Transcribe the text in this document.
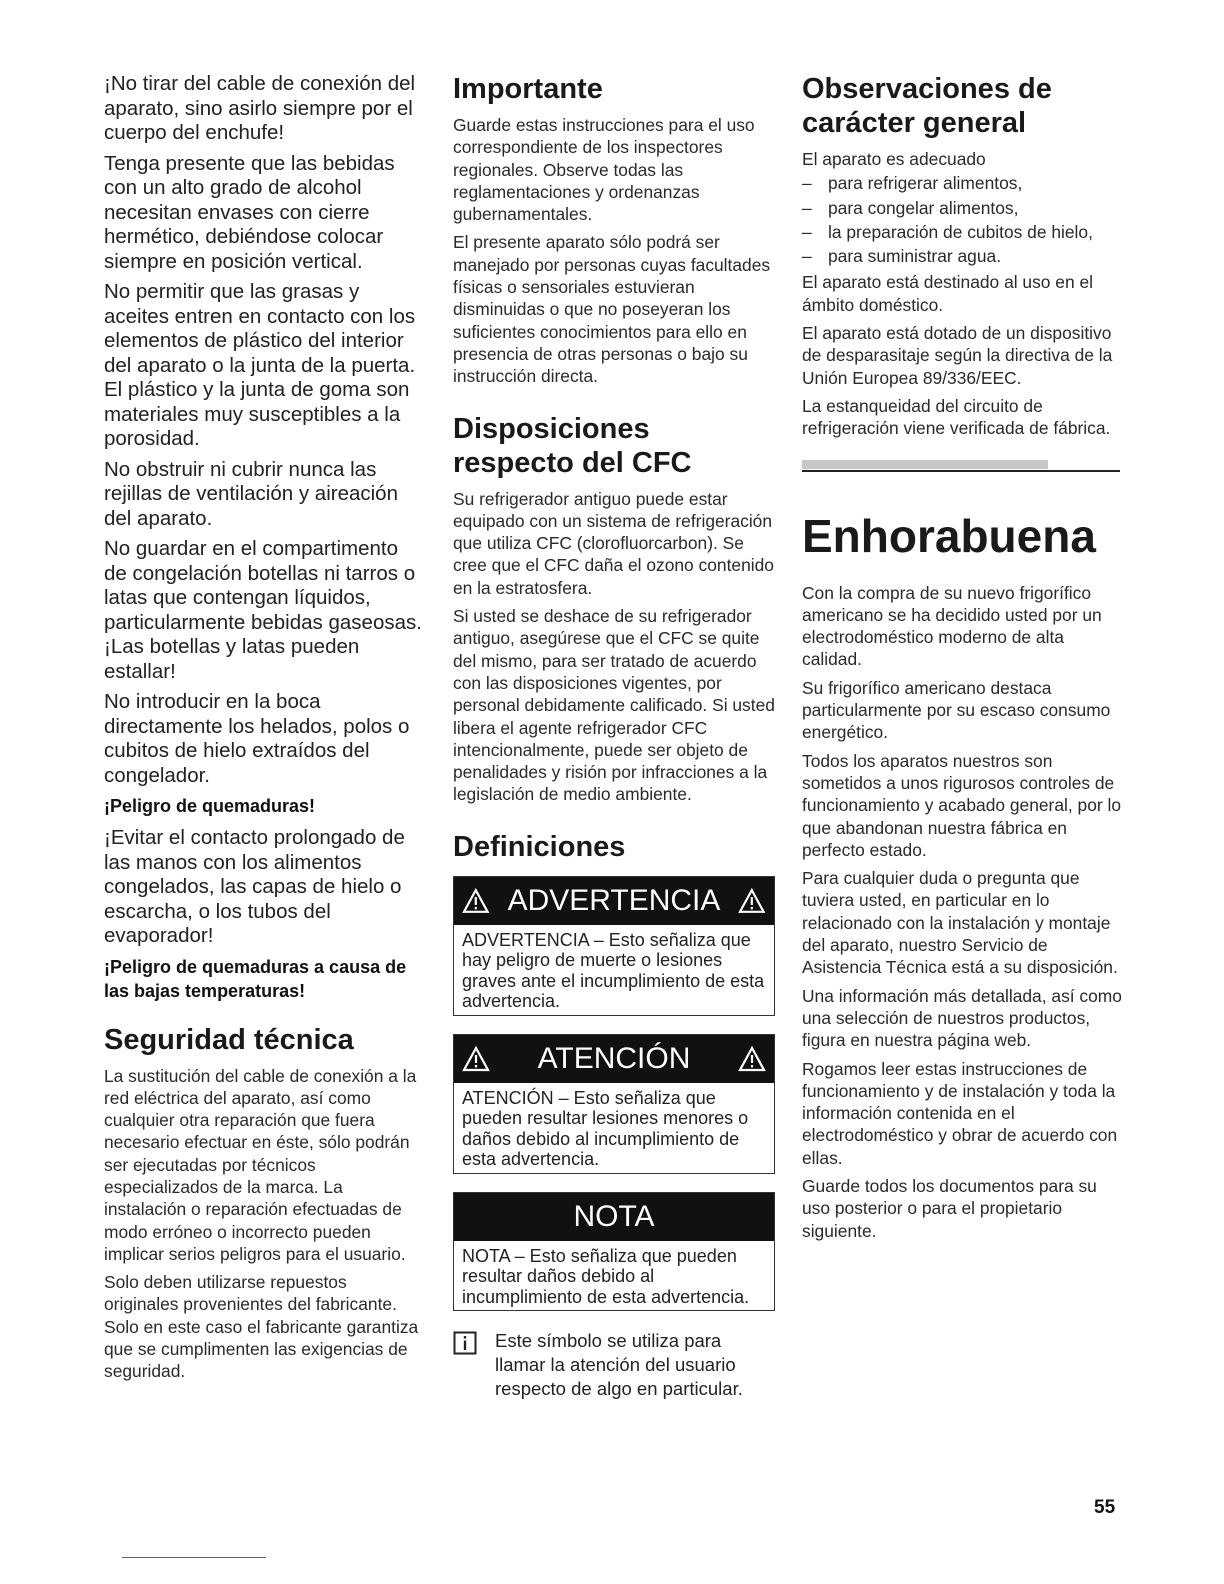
¡No tirar del cable de conexión del aparato, sino asirlo siempre por el cuerpo del enchufe!

Tenga presente que las bebidas con un alto grado de alcohol necesitan envases con cierre hermético, debiéndose colocar siempre en posición vertical.

No permitir que las grasas y aceites entren en contacto con los elementos de plástico del interior del aparato o la junta de la puerta. El plástico y la junta de goma son materiales muy susceptibles a la porosidad.

No obstruir ni cubrir nunca las rejillas de ventilación y aireación del aparato.

No guardar en el compartimento de congelación botellas ni tarros o latas que contengan líquidos, particularmente bebidas gaseosas. ¡Las botellas y latas pueden estallar!

No introducir en la boca directamente los helados, polos o cubitos de hielo extraídos del congelador.

¡Peligro de quemaduras!

¡Evitar el contacto prolongado de las manos con los alimentos congelados, las capas de hielo o escarcha, o los tubos del evaporador!

¡Peligro de quemaduras a causa de las bajas temperaturas!
Seguridad técnica

La sustitución del cable de conexión a la red eléctrica del aparato, así como cualquier otra reparación que fuera necesario efectuar en éste, sólo podrán ser ejecutadas por técnicos especializados de la marca. La instalación o reparación efectuadas de modo erróneo o incorrecto pueden implicar serios peligros para el usuario.

Solo deben utilizarse repuestos originales provenientes del fabricante. Solo en este caso el fabricante garantiza que se cumplimenten las exigencias de seguridad.

Importante

Guarde estas instrucciones para el uso correspondiente de los inspectores regionales. Observe todas las reglamentaciones y ordenanzas gubernamentales.

El presente aparato sólo podrá ser manejado por personas cuyas facultades físicas o sensoriales estuvieran disminuidas o que no poseyeran los suficientes conocimientos para ello en presencia de otras personas o bajo su instrucción directa.

Disposiciones respecto del CFC

Su refrigerador antiguo puede estar equipado con un sistema de refrigeración que utiliza CFC (clorofluorcarbon). Se cree que el CFC daña el ozono contenido en la estratosfera.

Si usted se deshace de su refrigerador antiguo, asegúrese que el CFC se quite del mismo, para ser tratado de acuerdo con las disposiciones vigentes, por personal debidamente calificado. Si usted libera el agente refrigerador CFC intencionalmente, puede ser objeto de penalidades y risión por infracciones a la legislación de medio ambiente.

Definiciones
ADVERTENCIA
ADVERTENCIA – Esto señaliza que hay peligro de muerte o lesiones graves ante el incumplimiento de esta advertencia.
ATENCIÓN
ATENCIÓN – Esto señaliza que pueden resultar lesiones menores o daños debido al incumplimiento de esta advertencia.
NOTA
NOTA – Esto señaliza que pueden resultar daños debido al incumplimiento de esta advertencia.
Este símbolo se utiliza para llamar la atención del usuario respecto de algo en particular.
Observaciones de carácter general

El aparato es adecuado

– para refrigerar alimentos,
– para congelar alimentos,
– la preparación de cubitos de hielo,
– para suministrar agua.

El aparato está destinado al uso en el ámbito doméstico.

El aparato está dotado de un dispositivo de desparasitaje según la directiva de la Unión Europea 89/336/EEC.

La estanqueidad del circuito de refrigeración viene verificada de fábrica.

Enhorabuena

Con la compra de su nuevo frigorífico americano se ha decidido usted por un electrodoméstico moderno de alta calidad.

Su frigorífico americano destaca particularmente por su escaso consumo energético.

Todos los aparatos nuestros son sometidos a unos rigurosos controles de funcionamiento y acabado general, por lo que abandonan nuestra fábrica en perfecto estado.

Para cualquier duda o pregunta que tuviera usted, en particular en lo relacionado con la instalación y montaje del aparato, nuestro Servicio de Asistencia Técnica está a su disposición.

Una información más detallada, así como una selección de nuestros productos, figura en nuestra página web.

Rogamos leer estas instrucciones de funcionamiento y de instalación y toda la información contenida en el electrodoméstico y obrar de acuerdo con ellas.

Guarde todos los documentos para su uso posterior o para el propietario siguiente.

55
